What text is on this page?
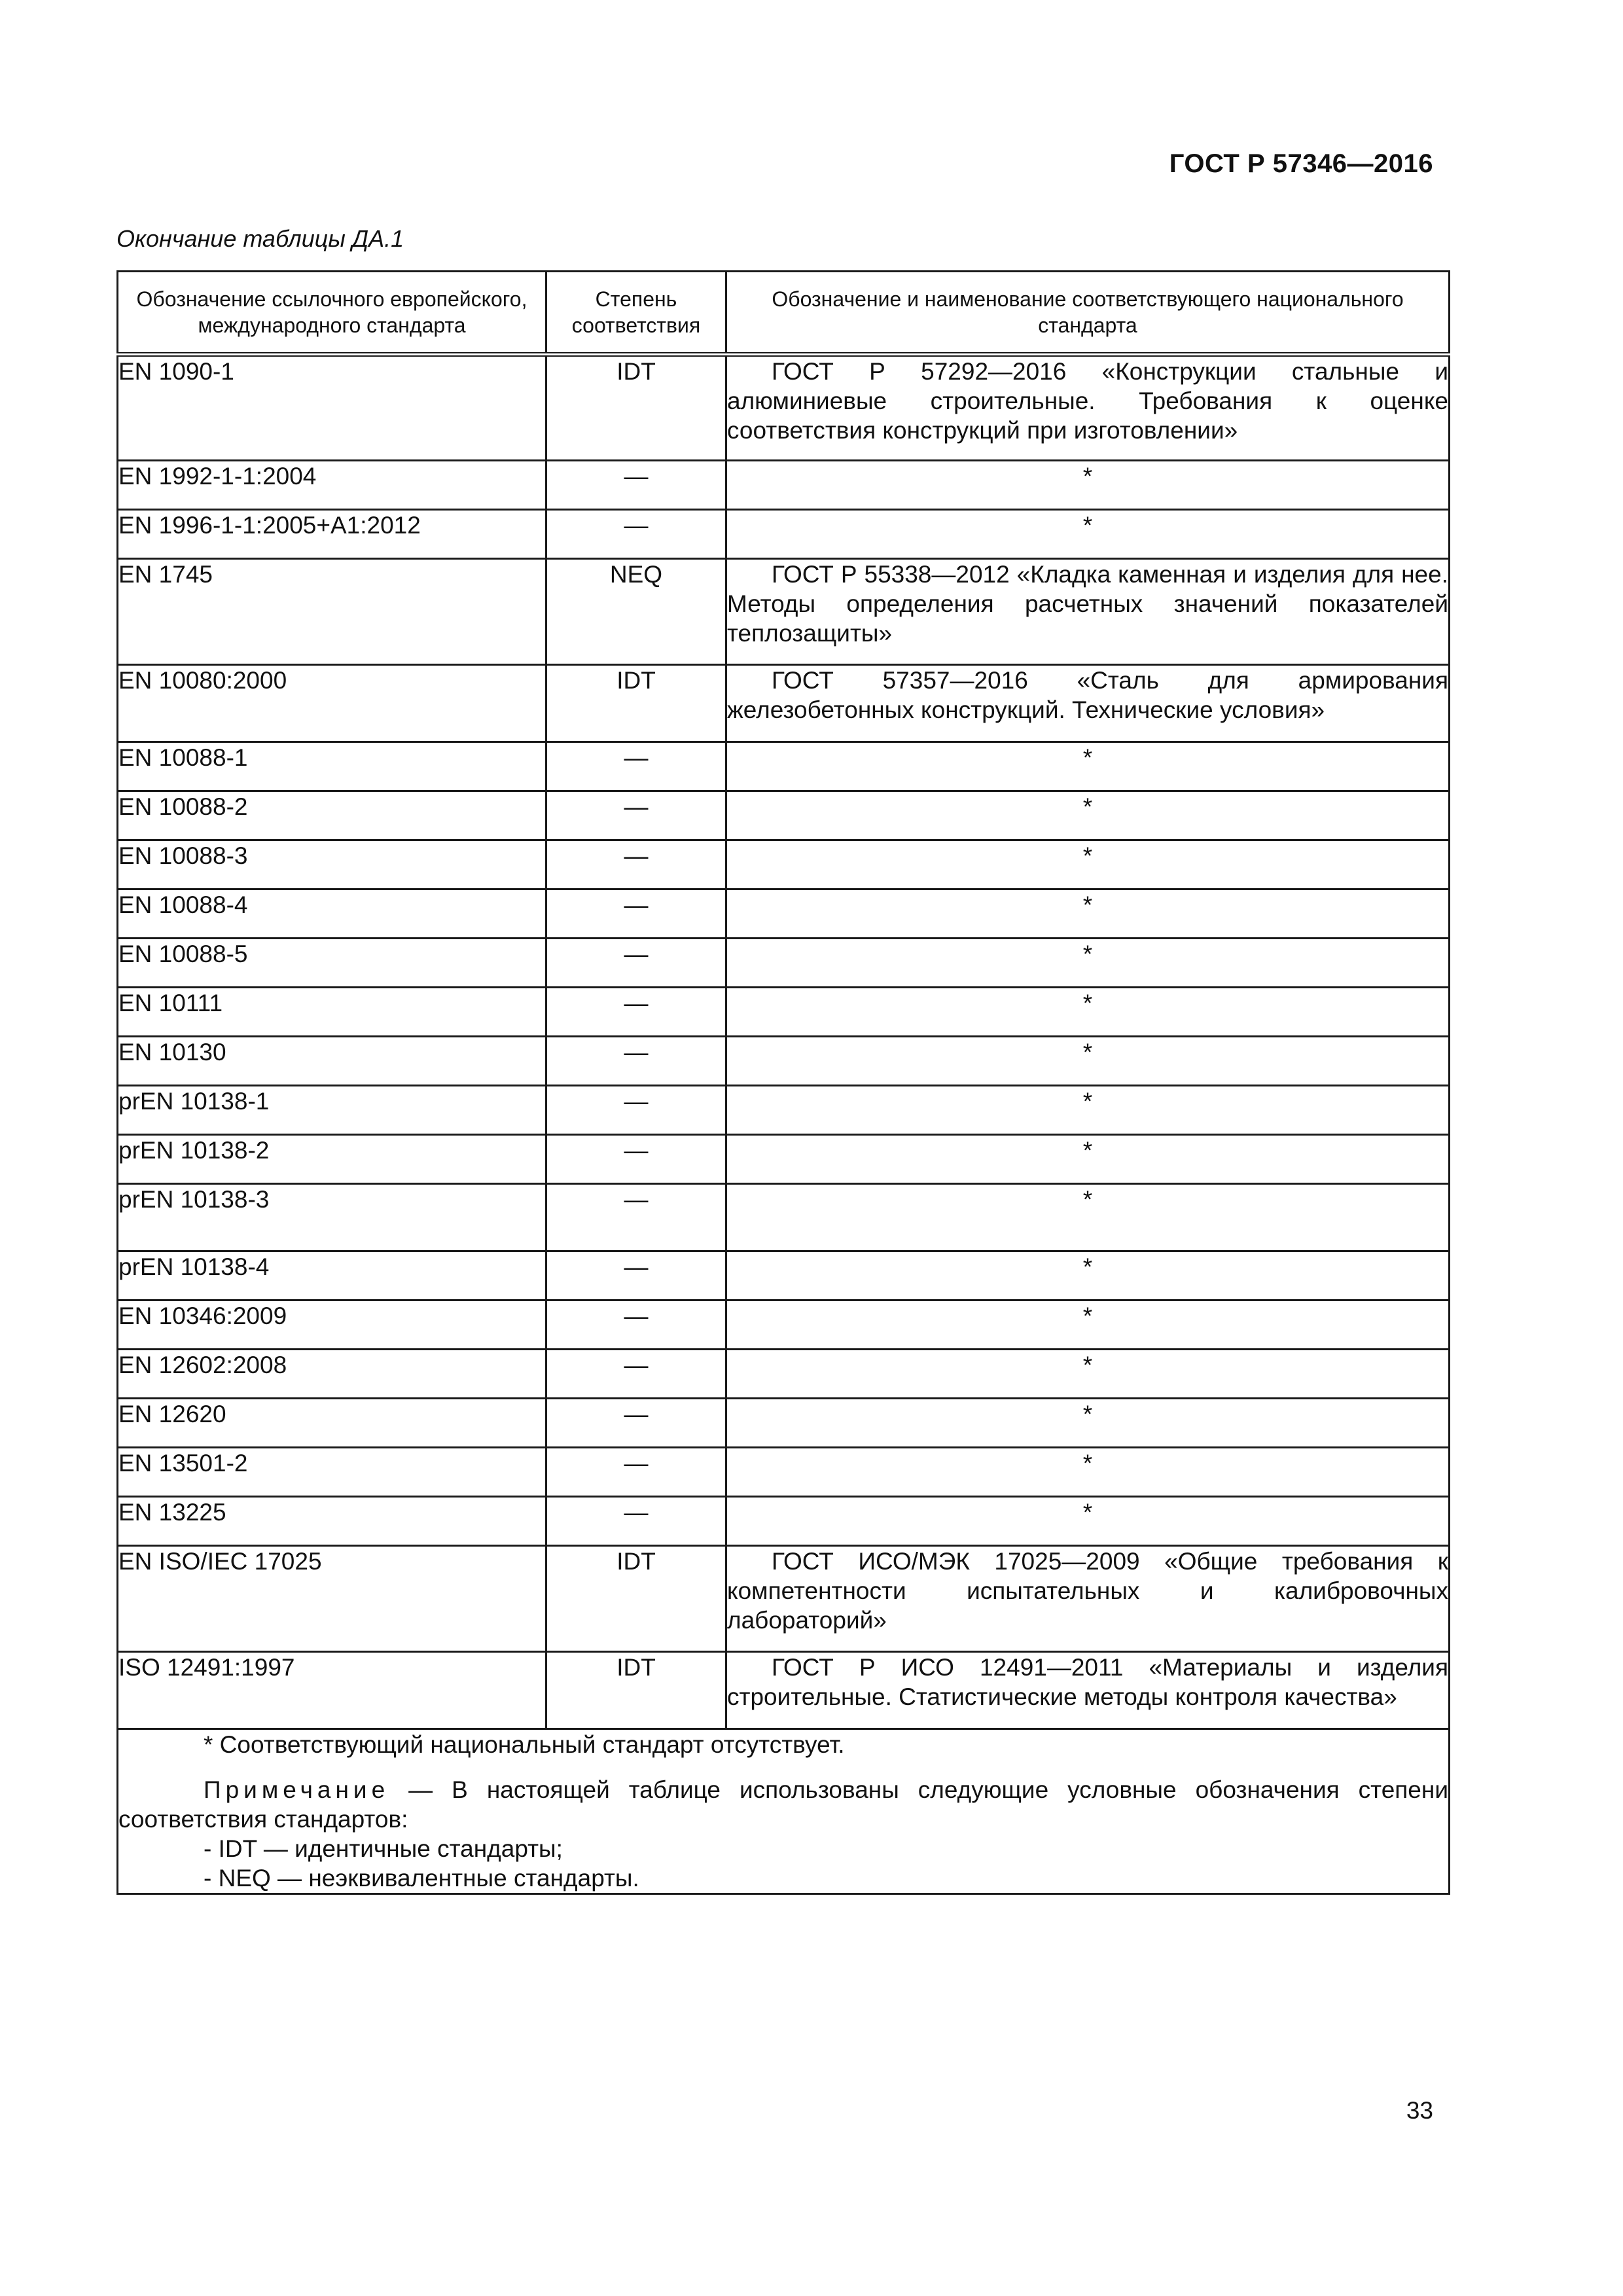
ГОСТ Р 57346—2016
Окончание таблицы ДА.1
Обозначение ссылочного европейского, международного стандарта	Степень соответствия	Обозначение и наименование соответствующего национального стандарта
EN 1090-1	IDT	ГОСТ Р 57292—2016 «Конструкции стальные и алюминиевые строительные. Требования к оценке соответствия конструкций при изготовлении»

EN 1992-1-1:2004	—	*
EN 1996-1-1:2005+A1:2012	—	*
EN 1745	NEQ	ГОСТ Р 55338—2012 «Кладка каменная и изделия для нее. Методы определения расчетных значений показателей теплозащиты»

EN 10080:2000	IDT	ГОСТ 57357—2016 «Сталь для армирования железобетонных конструкций. Технические условия»

EN 10088-1	—	*
EN 10088-2	—	*
EN 10088-3	—	*
EN 10088-4	—	*
EN 10088-5	—	*
EN 10111	—	*
EN 10130	—	*
prEN 10138-1	—	*
prEN 10138-2	—	*
prEN 10138-3	—	*
prEN 10138-4	—	*
EN 10346:2009	—	*
EN 12602:2008	—	*
EN 12620	—	*
EN 13501-2	—	*
EN 13225	—	*
EN ISO/IEC 17025	IDT	ГОСТ ИСО/МЭК 17025—2009 «Общие требования к компетентности испытательных и калибровочных лабораторий»

ISO 12491:1997	IDT	ГОСТ Р ИСО 12491—2011 «Материалы и изделия строительные. Статистические методы контроля качества»

* Соответствующий национальный стандарт отсутствует.
Примечание — В настоящей таблице использованы следующие условные обозначения степени соответствия стандартов:
- IDT — идентичные стандарты;
- NEQ — неэквивалентные стандарты.		
33
